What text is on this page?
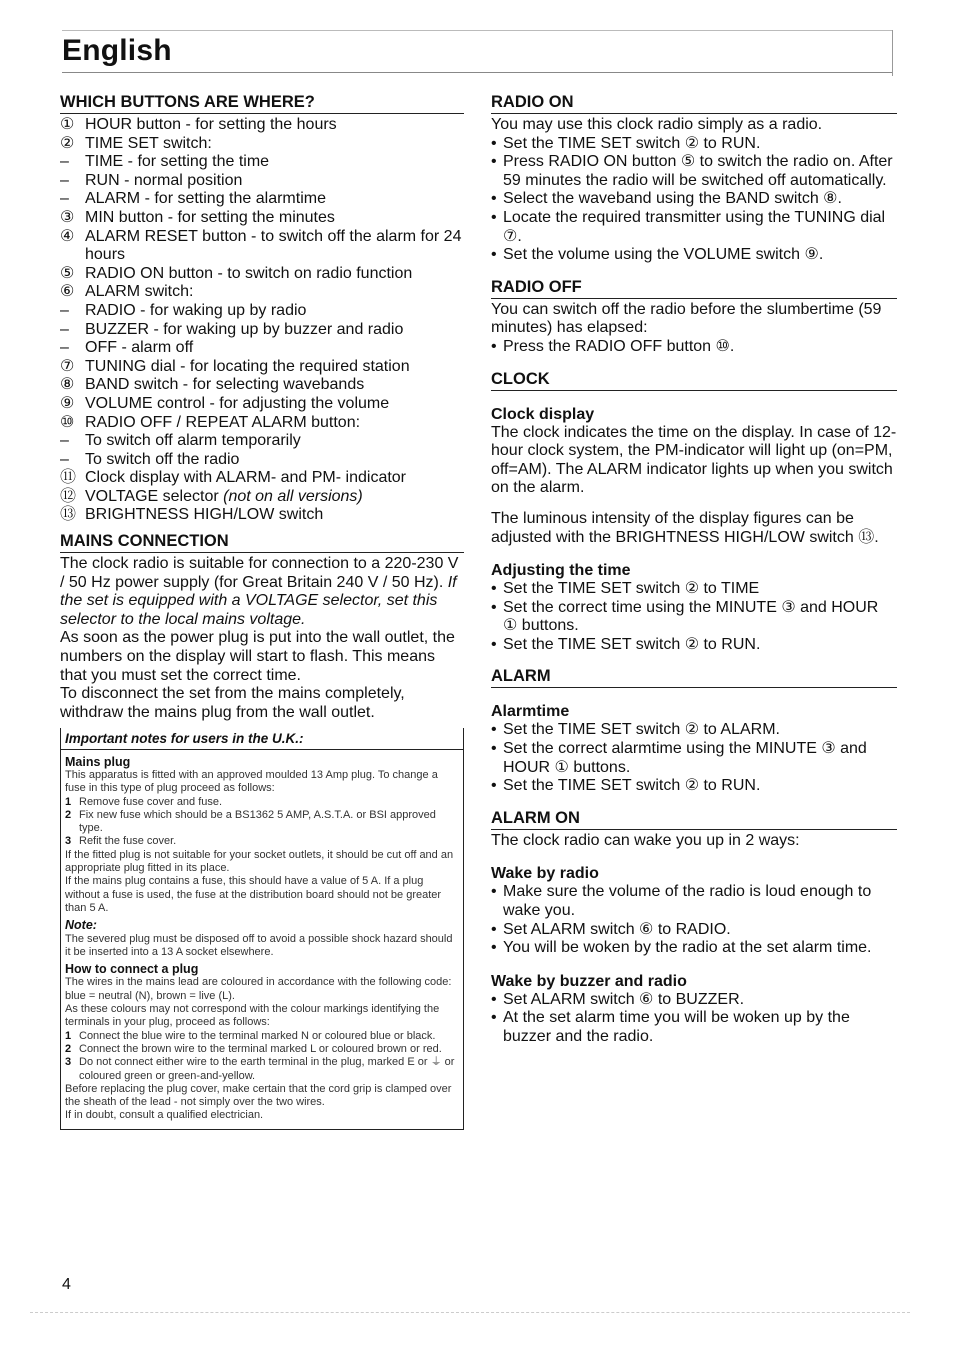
English
WHICH BUTTONS ARE WHERE?
① HOUR button - for setting the hours
② TIME SET switch:
–	TIME - for setting the time
–	RUN - normal position
–	ALARM - for setting the alarmtime
③ MIN button - for setting the minutes
④ ALARM RESET button - to switch off the alarm for 24 hours
⑤ RADIO ON button - to switch on radio function
⑥ ALARM switch:
–	RADIO - for waking up by radio
–	BUZZER - for waking up by buzzer and radio
–	OFF - alarm off
⑦ TUNING dial - for locating the required station
⑧ BAND switch - for selecting wavebands
⑨ VOLUME control - for adjusting the volume
⑩ RADIO OFF / REPEAT ALARM button:
–	To switch off alarm temporarily
–	To switch off the radio
⑪ Clock display with ALARM- and PM- indicator
⑫ VOLTAGE selector (not on all versions)
⑬ BRIGHTNESS HIGH/LOW switch
MAINS CONNECTION

The clock radio is suitable for connection to a 220-230 V / 50 Hz power supply (for Great Britain 240 V / 50 Hz). If the set is equipped with a VOLTAGE selector, set this selector to the local mains voltage.

As soon as the power plug is put into the wall outlet, the numbers on the display will start to flash. This means that you must set the correct time.

To disconnect the set from the mains completely, withdraw the mains plug from the wall outlet.

Important notes for users in the U.K.:
Mains plug
This apparatus is fitted with an approved moulded 13 Amp plug. To change a fuse in this type of plug proceed as follows:
1 Remove fuse cover and fuse.
2 Fix new fuse which should be a BS1362 5 AMP, A.S.T.A. or BSI approved type.
3 Refit the fuse cover.
If the fitted plug is not suitable for your socket outlets, it should be cut off and an appropriate plug fitted in its place.
If the mains plug contains a fuse, this should have a value of 5 A. If a plug without a fuse is used, the fuse at the distribution board should not be greater than 5 A.
Note:
The severed plug must be disposed off to avoid a possible shock hazard should it be inserted into a 13 A socket elsewhere.
How to connect a plug
The wires in the mains lead are coloured in accordance with the following code: blue = neutral (N), brown = live (L).
As these colours may not correspond with the colour markings identifying the terminals in your plug, proceed as follows:
1 Connect the blue wire to the terminal marked N or coloured blue or black.
2 Connect the brown wire to the terminal marked L or coloured brown or red.
3 Do not connect either wire to the earth terminal in the plug, marked E or ⏚ or coloured green or green-and-yellow.
Before replacing the plug cover, make certain that the cord grip is clamped over the sheath of the lead - not simply over the two wires.
If in doubt, consult a qualified electrician.
RADIO ON

You may use this clock radio simply as a radio.

• Set the TIME SET switch ② to RUN.
• Press RADIO ON button ⑤ to switch the radio on. After 59 minutes the radio will be switched off automatically.
• Select the waveband using the BAND switch ⑧.
• Locate the required transmitter using the TUNING dial ⑦.
• Set the volume using the VOLUME switch ⑨.
RADIO OFF

You can switch off the radio before the slumbertime (59 minutes) has elapsed:

• Press the RADIO OFF button ⑩.
CLOCK
Clock display

The clock indicates the time on the display. In case of 12-hour clock system, the PM-indicator will light up (on=PM, off=AM). The ALARM indicator lights up when you switch on the alarm.

The luminous intensity of the display figures can be adjusted with the BRIGHTNESS HIGH/LOW switch ⑬.

Adjusting the time
• Set the TIME SET switch ② to TIME
• Set the correct time using the MINUTE ③ and HOUR ① buttons.
• Set the TIME SET switch ② to RUN.
ALARM
Alarmtime
• Set the TIME SET switch ② to ALARM.
• Set the correct alarmtime using the MINUTE ③ and HOUR ① buttons.
• Set the TIME SET switch ② to RUN.
ALARM ON

The clock radio can wake you up in 2 ways:

Wake by radio
• Make sure the volume of the radio is loud enough to wake you.
• Set ALARM switch ⑥ to RADIO.
• You will be woken by the radio at the set alarm time.
Wake by buzzer and radio
• Set ALARM switch ⑥ to BUZZER.
• At the set alarm time you will be woken up by the buzzer and the radio.
4
